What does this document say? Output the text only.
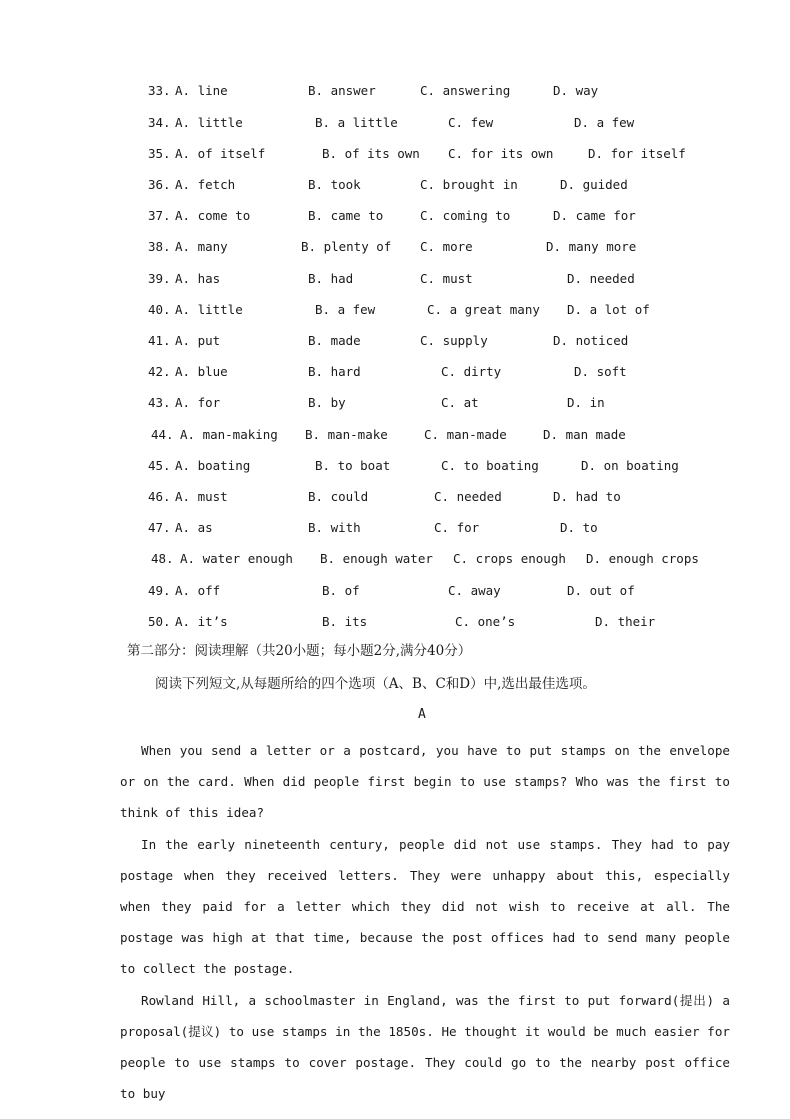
33. A. line	B. answer	C. answering	D. way
34. A. little	B. a little	C. few	D. a few
35. A. of itself	B. of its own C. for its own	D. for itself
36. A. fetch	B. took	C. brought in	D. guided
37. A. come to	B. came to	C. coming to	D. came for
38. A. many	B. plenty of C. more	D. many more
39. A. has	B. had	C. must	D. needed
40. A. little	B. a few	C. a great many D. a lot of
41. A. put	B. made	C. supply	D. noticed
42. A. blue	B. hard	C. dirty	D. soft
43. A. for	B. by	C. at	D. in
44. A. man-making B. man-make	C. man-made	D. man made
45. A. boating	B. to boat	C. to boating	D. on boating
46. A. must	B. could	C. needed	D. had to
47. A. as	B. with	C. for	D. to
48. A. water enough B. enough water C. crops enough D. enough crops
49. A. off	B. of	C. away	D. out of
50. A. it’s	B. its	C. one’s	D. their
第二部分：阅读理解（共20小题；每小题2分,满分40分）
阅读下列短文,从每题所给的四个选项（A、B、C和D）中,选出最佳选项。
A

When you send a letter or a postcard, you have to put stamps on the envelope or on the card. When did people first begin to use stamps? Who was the first to think of this idea?

In the early nineteenth century, people did not use stamps. They had to pay postage when they received letters. They were unhappy about this, especially when they paid for a letter which they did not wish to receive at all. The postage was high at that time, because the post offices had to send many people to collect the postage.

Rowland Hill, a schoolmaster in England, was the first to put forward(提出) a proposal(提议) to use stamps in the 1850s. He thought it would be much easier for people to use stamps to cover postage. They could go to the nearby post office to buy
